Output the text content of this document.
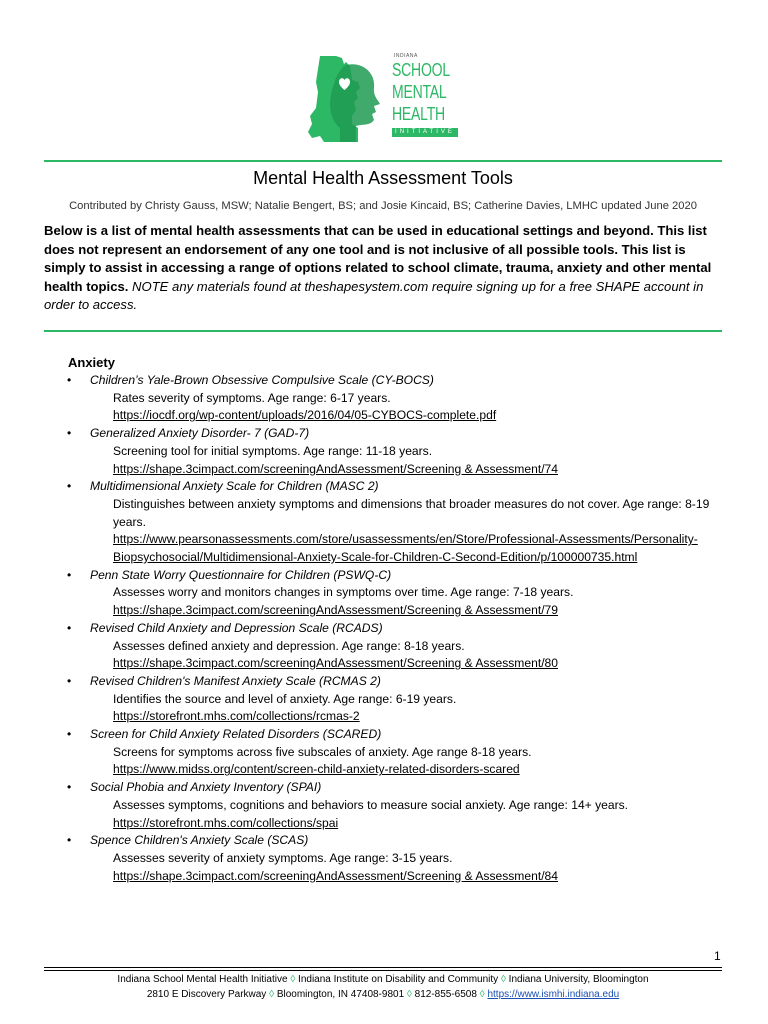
INDIANA
SCHOOL
MENTAL
HEALTH
INITIATIVE
Mental Health Assessment Tools
Contributed by Christy Gauss, MSW; Natalie Bengert, BS; and Josie Kincaid, BS; Catherine Davies, LMHC updated June 2020
Below is a list of mental health assessments that can be used in educational settings and beyond. This list does not represent an endorsement of any one tool and is not inclusive of all possible tools. This list is simply to assist in accessing a range of options related to school climate, trauma, anxiety and other mental health topics. NOTE any materials found at theshapesystem.com require signing up for a free SHAPE account in order to access.
Anxiety
• Children’s Yale-Brown Obsessive Compulsive Scale (CY-BOCS)
Rates severity of symptoms. Age range: 6-17 years.
https://iocdf.org/wp-content/uploads/2016/04/05-CYBOCS-complete.pdf
• Generalized Anxiety Disorder- 7 (GAD-7)
Screening tool for initial symptoms. Age range: 11-18 years.
https://shape.3cimpact.com/screeningAndAssessment/Screening & Assessment/74
• Multidimensional Anxiety Scale for Children (MASC 2)
Distinguishes between anxiety symptoms and dimensions that broader measures do not cover. Age range: 8-19 years.
https://www.pearsonassessments.com/store/usassessments/en/Store/Professional-Assessments/Personality-Biopsychosocial/Multidimensional-Anxiety-Scale-for-Children-C-Second-Edition/p/100000735.html
• Penn State Worry Questionnaire for Children (PSWQ-C)
Assesses worry and monitors changes in symptoms over time. Age range: 7-18 years.
https://shape.3cimpact.com/screeningAndAssessment/Screening & Assessment/79
• Revised Child Anxiety and Depression Scale (RCADS)
Assesses defined anxiety and depression. Age range: 8-18 years.
https://shape.3cimpact.com/screeningAndAssessment/Screening & Assessment/80
• Revised Children's Manifest Anxiety Scale (RCMAS 2)
Identifies the source and level of anxiety. Age range: 6-19 years.
https://storefront.mhs.com/collections/rcmas-2
• Screen for Child Anxiety Related Disorders (SCARED)
Screens for symptoms across five subscales of anxiety. Age range 8-18 years.
https://www.midss.org/content/screen-child-anxiety-related-disorders-scared
• Social Phobia and Anxiety Inventory (SPAI)
Assesses symptoms, cognitions and behaviors to measure social anxiety. Age range: 14+ years.
https://storefront.mhs.com/collections/spai
• Spence Children's Anxiety Scale (SCAS)
Assesses severity of anxiety symptoms. Age range: 3-15 years.
https://shape.3cimpact.com/screeningAndAssessment/Screening & Assessment/84
1
Indiana School Mental Health Initiative ◊ Indiana Institute on Disability and Community ◊ Indiana University, Bloomington
2810 E Discovery Parkway ◊ Bloomington, IN 47408-9801 ◊ 812-855-6508 ◊ https://www.ismhi.indiana.edu
